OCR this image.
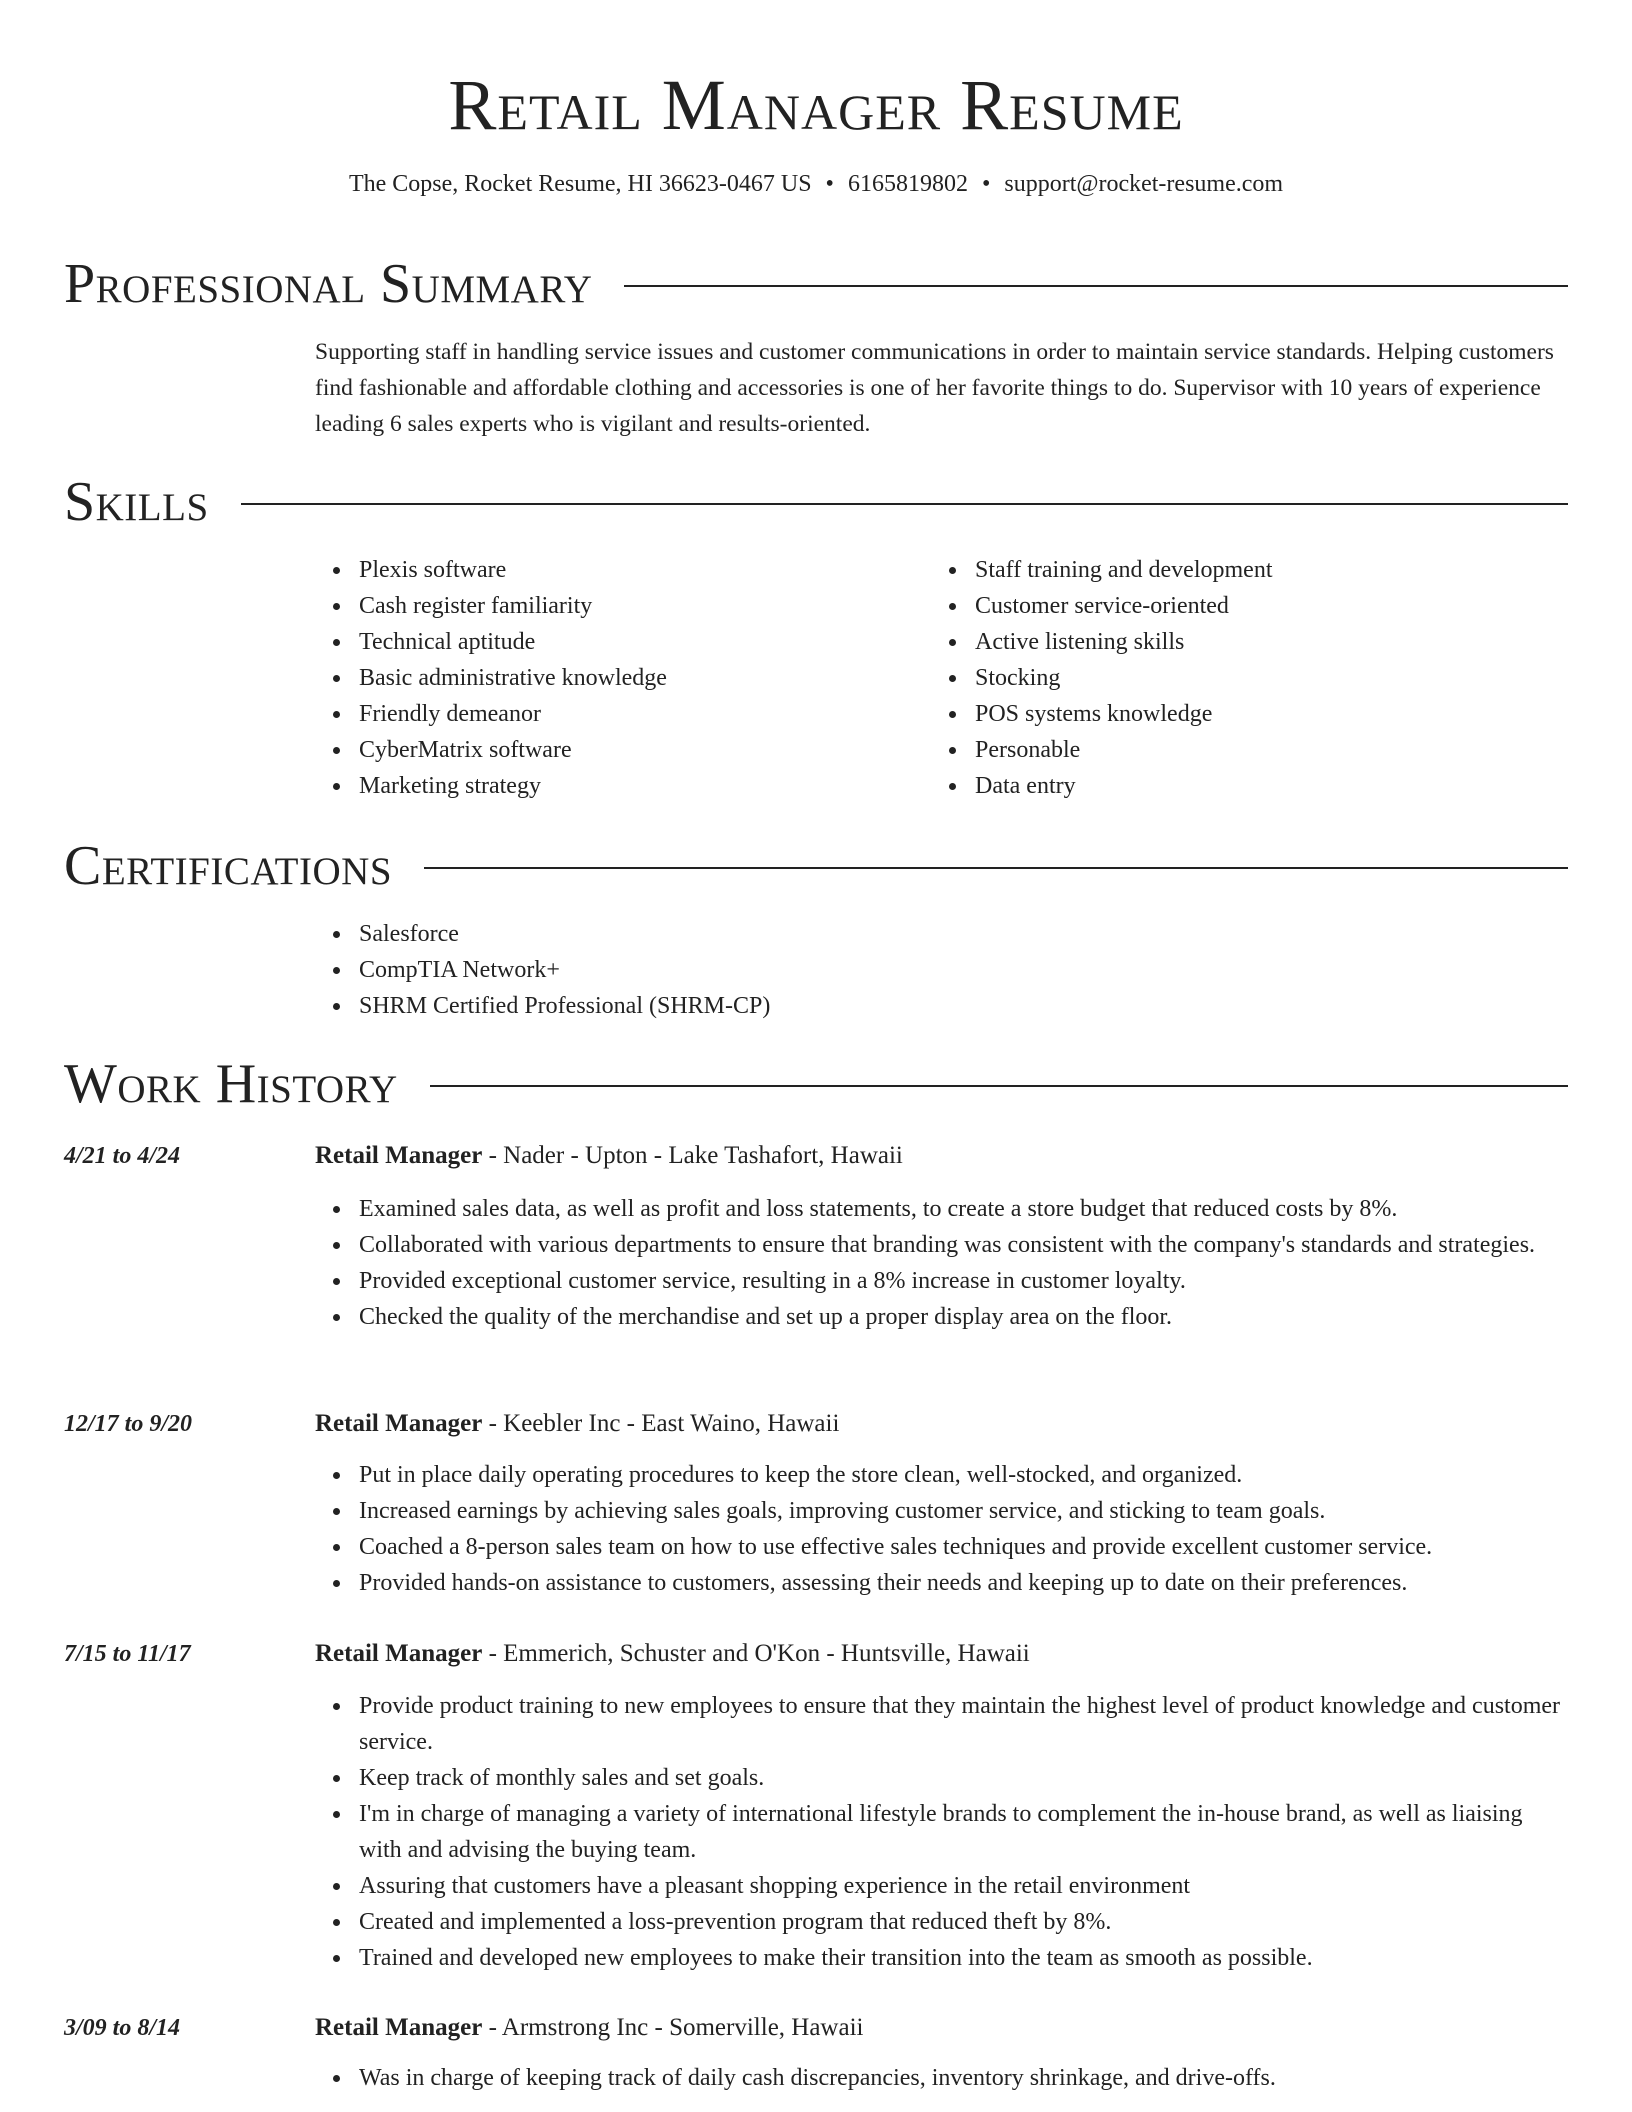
Retail Manager Resume
The Copse, Rocket Resume, HI 36623-0467 US • 6165819802 • support@rocket-resume.com
Professional Summary
Supporting staff in handling service issues and customer communications in order to maintain service standards. Helping customers find fashionable and affordable clothing and accessories is one of her favorite things to do. Supervisor with 10 years of experience leading 6 sales experts who is vigilant and results-oriented.
Skills
Plexis software
Cash register familiarity
Technical aptitude
Basic administrative knowledge
Friendly demeanor
CyberMatrix software
Marketing strategy
Staff training and development
Customer service-oriented
Active listening skills
Stocking
POS systems knowledge
Personable
Data entry
Certifications
Salesforce
CompTIA Network+
SHRM Certified Professional (SHRM-CP)
Work History
4/21 to 4/24	Retail Manager - Nader - Upton - Lake Tashafort, Hawaii
Examined sales data, as well as profit and loss statements, to create a store budget that reduced costs by 8%.
Collaborated with various departments to ensure that branding was consistent with the company's standards and strategies.
Provided exceptional customer service, resulting in a 8% increase in customer loyalty.
Checked the quality of the merchandise and set up a proper display area on the floor.
12/17 to 9/20	Retail Manager - Keebler Inc - East Waino, Hawaii
Put in place daily operating procedures to keep the store clean, well-stocked, and organized.
Increased earnings by achieving sales goals, improving customer service, and sticking to team goals.
Coached a 8-person sales team on how to use effective sales techniques and provide excellent customer service.
Provided hands-on assistance to customers, assessing their needs and keeping up to date on their preferences.
7/15 to 11/17	Retail Manager - Emmerich, Schuster and O'Kon - Huntsville, Hawaii
Provide product training to new employees to ensure that they maintain the highest level of product knowledge and customer service.
Keep track of monthly sales and set goals.
I'm in charge of managing a variety of international lifestyle brands to complement the in-house brand, as well as liaising with and advising the buying team.
Assuring that customers have a pleasant shopping experience in the retail environment
Created and implemented a loss-prevention program that reduced theft by 8%.
Trained and developed new employees to make their transition into the team as smooth as possible.
3/09 to 8/14	Retail Manager - Armstrong Inc - Somerville, Hawaii
Was in charge of keeping track of daily cash discrepancies, inventory shrinkage, and drive-offs.
